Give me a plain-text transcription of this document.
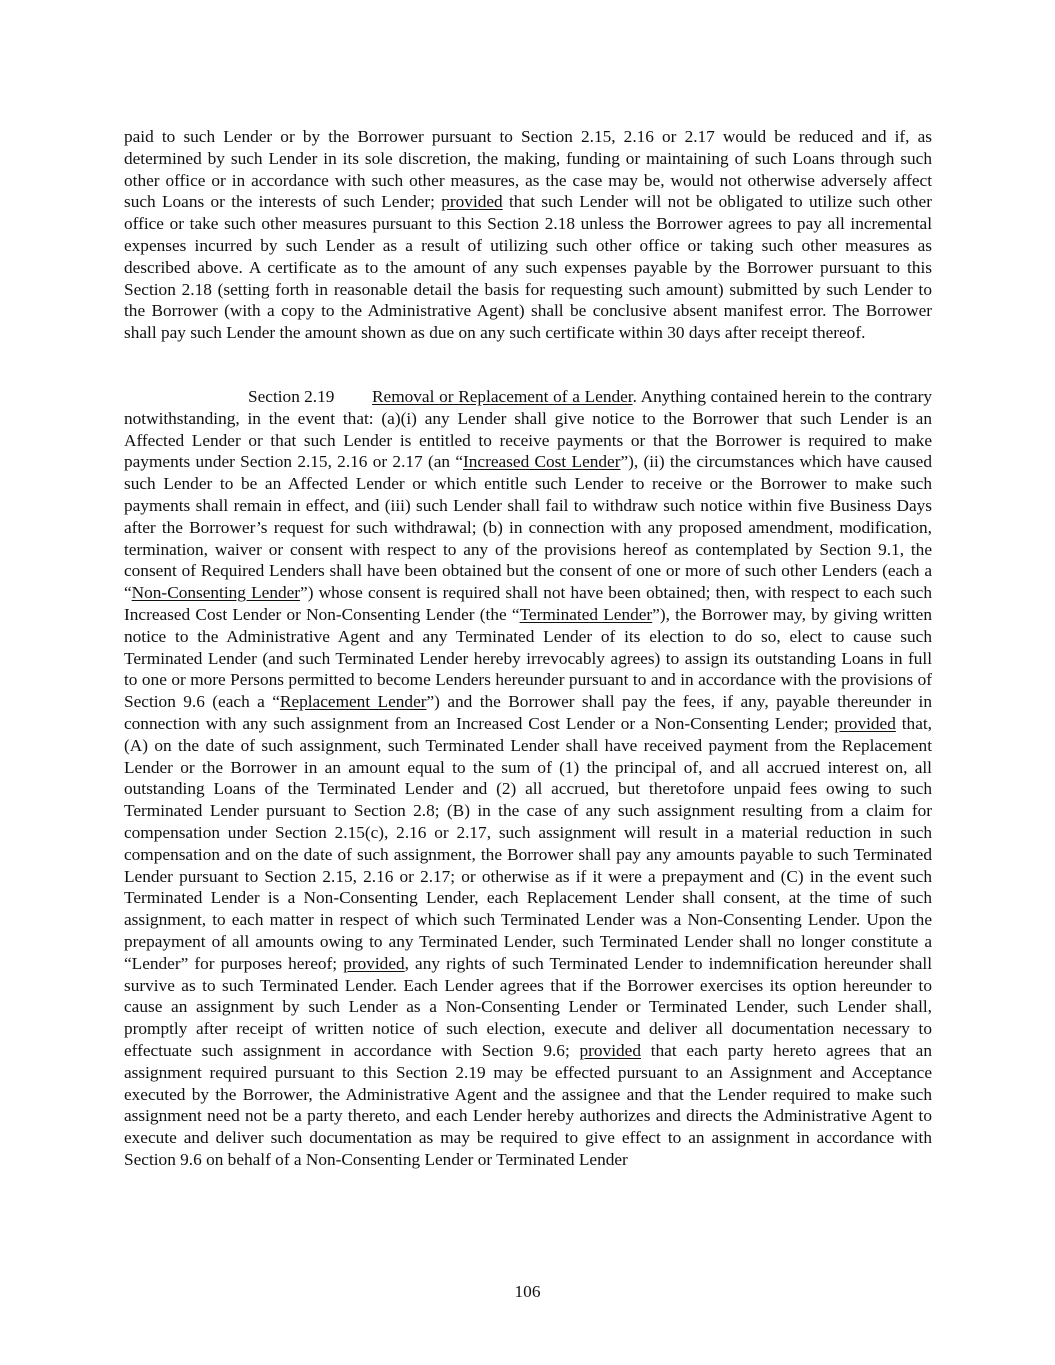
paid to such Lender or by the Borrower pursuant to Section 2.15, 2.16 or 2.17 would be reduced and if, as determined by such Lender in its sole discretion, the making, funding or maintaining of such Loans through such other office or in accordance with such other measures, as the case may be, would not otherwise adversely affect such Loans or the interests of such Lender; provided that such Lender will not be obligated to utilize such other office or take such other measures pursuant to this Section 2.18 unless the Borrower agrees to pay all incremental expenses incurred by such Lender as a result of utilizing such other office or taking such other measures as described above. A certificate as to the amount of any such expenses payable by the Borrower pursuant to this Section 2.18 (setting forth in reasonable detail the basis for requesting such amount) submitted by such Lender to the Borrower (with a copy to the Administrative Agent) shall be conclusive absent manifest error. The Borrower shall pay such Lender the amount shown as due on any such certificate within 30 days after receipt thereof.

Section 2.19 Removal or Replacement of a Lender. Anything contained herein to the contrary notwithstanding, in the event that: (a)(i) any Lender shall give notice to the Borrower that such Lender is an Affected Lender or that such Lender is entitled to receive payments or that the Borrower is required to make payments under Section 2.15, 2.16 or 2.17 (an “Increased Cost Lender”), (ii) the circumstances which have caused such Lender to be an Affected Lender or which entitle such Lender to receive or the Borrower to make such payments shall remain in effect, and (iii) such Lender shall fail to withdraw such notice within five Business Days after the Borrower’s request for such withdrawal; (b) in connection with any proposed amendment, modification, termination, waiver or consent with respect to any of the provisions hereof as contemplated by Section 9.1, the consent of Required Lenders shall have been obtained but the consent of one or more of such other Lenders (each a “Non-Consenting Lender”) whose consent is required shall not have been obtained; then, with respect to each such Increased Cost Lender or Non-Consenting Lender (the “Terminated Lender”), the Borrower may, by giving written notice to the Administrative Agent and any Terminated Lender of its election to do so, elect to cause such Terminated Lender (and such Terminated Lender hereby irrevocably agrees) to assign its outstanding Loans in full to one or more Persons permitted to become Lenders hereunder pursuant to and in accordance with the provisions of Section 9.6 (each a “Replacement Lender”) and the Borrower shall pay the fees, if any, payable thereunder in connection with any such assignment from an Increased Cost Lender or a Non-Consenting Lender; provided that, (A) on the date of such assignment, such Terminated Lender shall have received payment from the Replacement Lender or the Borrower in an amount equal to the sum of (1) the principal of, and all accrued interest on, all outstanding Loans of the Terminated Lender and (2) all accrued, but theretofore unpaid fees owing to such Terminated Lender pursuant to Section 2.8; (B) in the case of any such assignment resulting from a claim for compensation under Section 2.15(c), 2.16 or 2.17, such assignment will result in a material reduction in such compensation and on the date of such assignment, the Borrower shall pay any amounts payable to such Terminated Lender pursuant to Section 2.15, 2.16 or 2.17; or otherwise as if it were a prepayment and (C) in the event such Terminated Lender is a Non-Consenting Lender, each Replacement Lender shall consent, at the time of such assignment, to each matter in respect of which such Terminated Lender was a Non-Consenting Lender. Upon the prepayment of all amounts owing to any Terminated Lender, such Terminated Lender shall no longer constitute a “Lender” for purposes hereof; provided, any rights of such Terminated Lender to indemnification hereunder shall survive as to such Terminated Lender. Each Lender agrees that if the Borrower exercises its option hereunder to cause an assignment by such Lender as a Non-Consenting Lender or Terminated Lender, such Lender shall, promptly after receipt of written notice of such election, execute and deliver all documentation necessary to effectuate such assignment in accordance with Section 9.6; provided that each party hereto agrees that an assignment required pursuant to this Section 2.19 may be effected pursuant to an Assignment and Acceptance executed by the Borrower, the Administrative Agent and the assignee and that the Lender required to make such assignment need not be a party thereto, and each Lender hereby authorizes and directs the Administrative Agent to execute and deliver such documentation as may be required to give effect to an assignment in accordance with Section 9.6 on behalf of a Non-Consenting Lender or Terminated Lender

106
